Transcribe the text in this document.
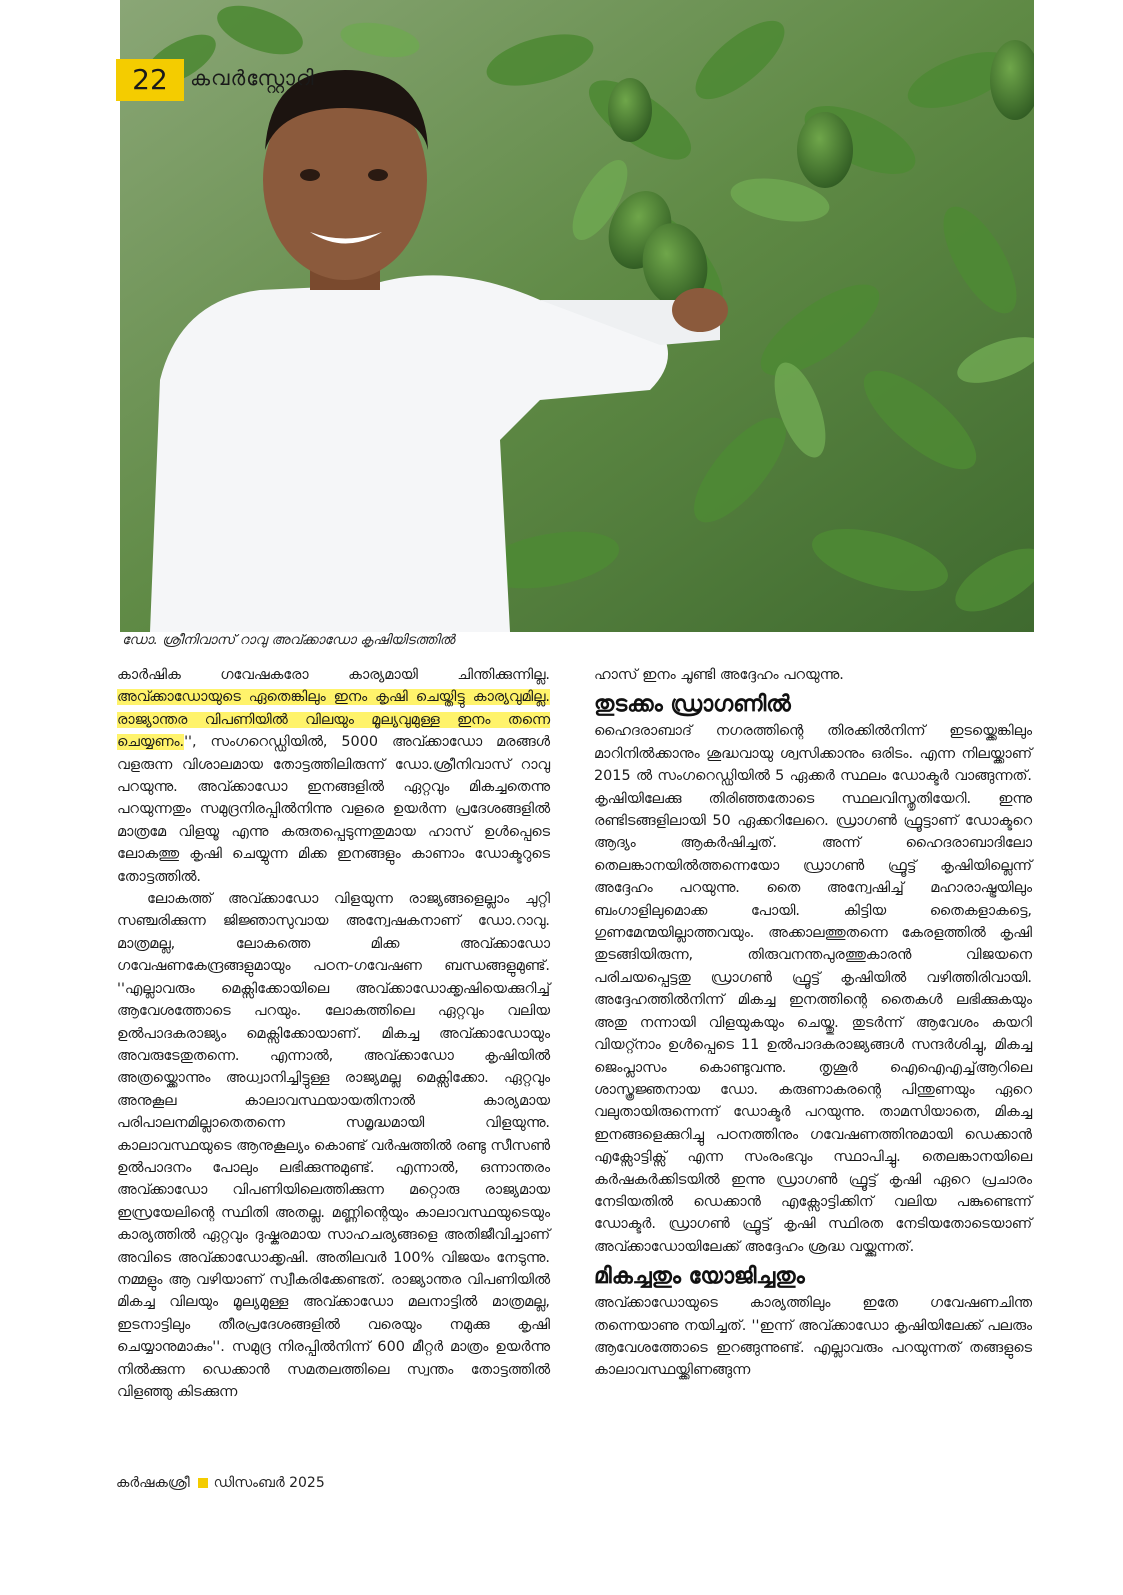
22	കവർസ്റ്റോറി
ഡോ. ശ്രീനിവാസ് റാവു അവ്ക്കാഡോ കൃഷിയിടത്തിൽ

കാർഷിക ഗവേഷകരോ കാര്യമായി ചിന്തിക്കുന്നില്ല. അവ്ക്കാഡോയുടെ ഏതെങ്കിലും ഇനം കൃഷി ചെയ്തിട്ടു കാര്യവുമില്ല. രാജ്യാന്തര വിപണിയിൽ വിലയും മൂല്യവുമുള്ള ഇനം തന്നെ ചെയ്യണം.'', സംഗറെഡ്ഡിയിൽ, 5000 അവ്ക്കാഡോ മരങ്ങൾ വളരുന്ന വിശാലമായ തോട്ടത്തിലിരുന്ന് ഡോ.ശ്രീനിവാസ് റാവു പറയുന്നു. അവ്ക്കാഡോ ഇനങ്ങളിൽ ഏറ്റവും മികച്ചതെന്നു പറയുന്നതും സമുദ്രനിരപ്പിൽനിന്നു വളരെ ഉയർന്ന പ്രദേശങ്ങളിൽ മാത്രമേ വിളയൂ എന്നു കരുതപ്പെടുന്നതുമായ ഹാസ് ഉൾപ്പെടെ ലോകത്തു കൃഷി ചെയ്യുന്ന മിക്ക ഇനങ്ങളും കാണാം ഡോക്ടറുടെ തോട്ടത്തിൽ.

ലോകത്ത് അവ്ക്കാഡോ വിളയുന്ന രാജ്യങ്ങളെല്ലാം ചുറ്റി സഞ്ചരിക്കുന്ന ജിജ്ഞാസുവായ അന്വേഷകനാണ് ഡോ.റാവു. മാത്രമല്ല, ലോകത്തെ മിക്ക അവ്ക്കാഡോ ഗവേഷണകേന്ദ്രങ്ങളുമായും പഠന-ഗവേഷണ ബന്ധങ്ങളുമുണ്ട്. ''എല്ലാവരും മെക്സിക്കോയിലെ അവ്ക്കാഡോക്കൃഷിയെക്കുറിച്ച് ആവേശത്തോടെ പറയും. ലോകത്തിലെ ഏറ്റവും വലിയ ഉൽപാദകരാജ്യം മെക്സിക്കോയാണ്. മികച്ച അവ്ക്കാഡോയും അവരുടേതുതന്നെ. എന്നാൽ, അവ്ക്കാഡോ കൃഷിയിൽ അത്രയ്ക്കൊന്നും അധ്വാനിച്ചിട്ടുള്ള രാജ്യമല്ല മെക്സിക്കോ. ഏറ്റവും അനുകൂല കാലാവസ്ഥയായതിനാൽ കാര്യമായ പരിപാലനമില്ലാതെതന്നെ സമൃദ്ധമായി വിളയുന്നു. കാലാവസ്ഥയുടെ ആനുകൂല്യം കൊണ്ട് വർഷത്തിൽ രണ്ടു സീസൺ ഉൽപാദനം പോലും ലഭിക്കുന്നുമുണ്ട്. എന്നാൽ, ഒന്നാന്തരം അവ്ക്കാഡോ വിപണിയിലെത്തിക്കുന്ന മറ്റൊരു രാജ്യമായ ഇസ്രയേലിന്റെ സ്ഥിതി അതല്ല. മണ്ണിന്റെയും കാലാവസ്ഥയുടെയും കാര്യത്തിൽ ഏറ്റവും ദുഷ്കരമായ സാഹചര്യങ്ങളെ അതിജീവിച്ചാണ് അവിടെ അവ്ക്കാഡോക്കൃഷി. അതിലവർ 100% വിജയം നേടുന്നു. നമ്മളും ആ വഴിയാണ് സ്വീകരിക്കേണ്ടത്. രാജ്യാന്തര വിപണിയിൽ മികച്ച വിലയും മൂല്യമുള്ള അവ്ക്കാഡോ മലനാട്ടിൽ മാത്രമല്ല, ഇടനാട്ടിലും തീരപ്രദേശങ്ങളിൽ വരെയും നമുക്കു കൃഷി ചെയ്യാനുമാകും''. സമുദ്ര നിരപ്പിൽനിന്ന് 600 മീറ്റർ മാത്രം ഉയർന്നു നിൽക്കുന്ന ഡെക്കാൻ സമതലത്തിലെ സ്വന്തം തോട്ടത്തിൽ വിളഞ്ഞു കിടക്കുന്ന

ഹാസ് ഇനം ചൂണ്ടി അദ്ദേഹം പറയുന്നു.

തുടക്കം ഡ്രാഗണിൽ

ഹൈദരാബാദ് നഗരത്തിന്റെ തിരക്കിൽനിന്ന് ഇടയ്ക്കെങ്കിലും മാറിനിൽക്കാനും ശുദ്ധവായു ശ്വസിക്കാനും ഒരിടം. എന്ന നിലയ്ക്കാണ് 2015 ൽ സംഗറെഡ്ഡിയിൽ 5 ഏക്കർ സ്ഥലം ഡോക്ടർ വാങ്ങുന്നത്. കൃഷിയിലേക്കു തിരിഞ്ഞതോടെ സ്ഥലവിസ്തൃതിയേറി. ഇന്നു രണ്ടിടങ്ങളിലായി 50 ഏക്കറിലേറെ. ഡ്രാഗൺ ഫ്രൂട്ടാണ് ഡോക്ടറെ ആദ്യം ആകർഷിച്ചത്. അന്ന് ഹൈദരാബാദിലോ തെലങ്കാനയിൽത്തന്നെയോ ഡ്രാഗൺ ഫ്രൂട്ട് കൃഷിയില്ലെന്ന് അദ്ദേഹം പറയുന്നു. തൈ അന്വേഷിച്ച് മഹാരാഷ്ട്രയിലും ബംഗാളിലുമൊക്ക പോയി. കിട്ടിയ തൈകളാകട്ടെ, ഗുണമേന്മയില്ലാത്തവയും. അക്കാലത്തുതന്നെ കേരളത്തിൽ കൃഷി തുടങ്ങിയിരുന്ന, തിരുവനന്തപുരത്തുകാരൻ വിജയനെ പരിചയപ്പെട്ടതു ഡ്രാഗൺ ഫ്രൂട്ട് കൃഷിയിൽ വഴിത്തിരിവായി. അദ്ദേഹത്തിൽനിന്ന് മികച്ച ഇനത്തിന്റെ തൈകൾ ലഭിക്കുകയും അതു നന്നായി വിളയുകയും ചെയ്തു. തുടർന്ന് ആവേശം കയറി വിയറ്റ്നാം ഉൾപ്പെടെ 11 ഉൽപാദകരാജ്യങ്ങൾ സന്ദർശിച്ചു, മികച്ച ജെംപ്ലാസം കൊണ്ടുവന്നു. തൃശൂർ ഐഐഎച്ച്ആറിലെ ശാസ്ത്രജ്ഞനായ ഡോ. കരുണാകരന്റെ പിന്തുണയും ഏറെ വലുതായിരുന്നെന്ന് ഡോക്ടർ പറയുന്നു. താമസിയാതെ, മികച്ച ഇനങ്ങളെക്കുറിച്ചു പഠനത്തിനും ഗവേഷണത്തിനുമായി ഡെക്കാൻ എക്സോട്ടിക്സ് എന്ന സംരംഭവും സ്ഥാപിച്ചു. തെലങ്കാനയിലെ കർഷകർക്കിടയിൽ ഇന്നു ഡ്രാഗൺ ഫ്രൂട്ട് കൃഷി ഏറെ പ്രചാരം നേടിയതിൽ ഡെക്കാൻ എക്സോട്ടിക്കിന് വലിയ പങ്കുണ്ടെന്ന് ഡോക്ടർ. ഡ്രാഗൺ ഫ്രൂട്ട് കൃഷി സ്ഥിരത നേടിയതോടെയാണ് അവ്ക്കാഡോയിലേക്ക് അദ്ദേഹം ശ്രദ്ധ വയ്ക്കുന്നത്.

മികച്ചതും യോജിച്ചതും

അവ്ക്കാഡോയുടെ കാര്യത്തിലും ഇതേ ഗവേഷണചിന്ത തന്നെയാണു നയിച്ചത്. ''ഇന്ന് അവ്ക്കാഡോ കൃഷിയിലേക്ക് പലരും ആവേശത്തോടെ ഇറങ്ങുന്നുണ്ട്. എല്ലാവരും പറയുന്നത് തങ്ങളുടെ കാലാവസ്ഥയ്ക്കിണങ്ങുന്ന

കർഷകശ്രീ ഡിസംബർ 2025
